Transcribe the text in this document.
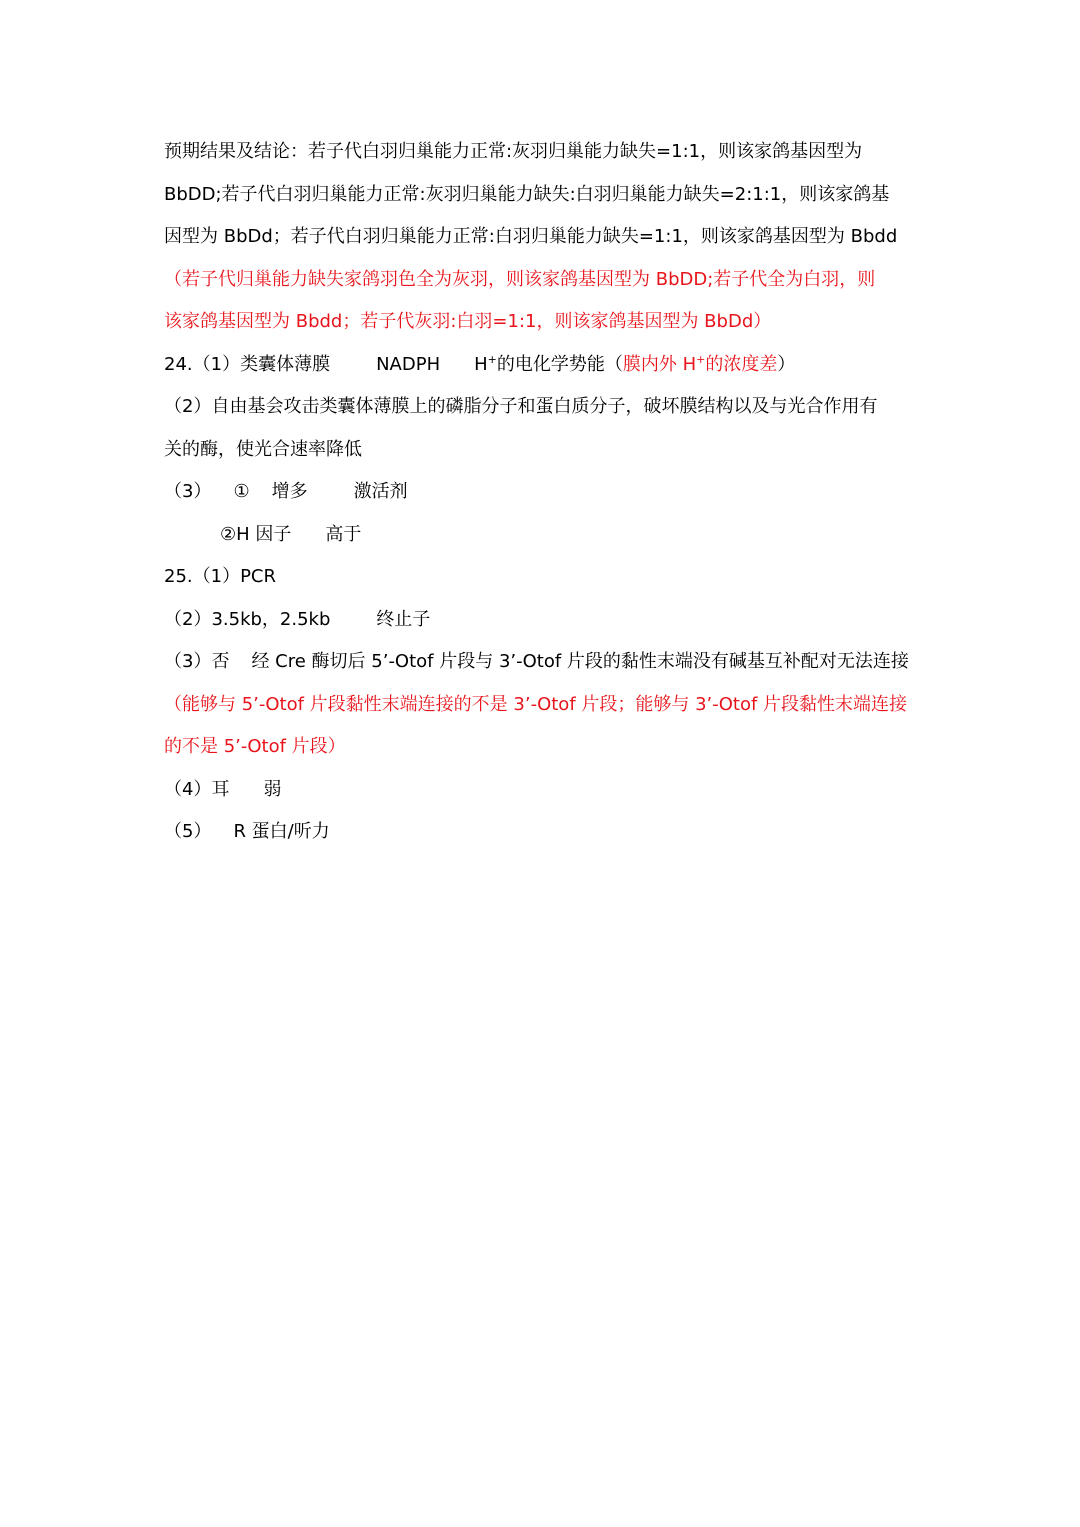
预期结果及结论：若子代白羽归巢能力正常:灰羽归巢能力缺失=1:1，则该家鸽基因型为
BbDD;若子代白羽归巢能力正常:灰羽归巢能力缺失:白羽归巢能力缺失=2:1:1，则该家鸽基
因型为 BbDd；若子代白羽归巢能力正常:白羽归巢能力缺失=1:1，则该家鸽基因型为 Bbdd
（若子代归巢能力缺失家鸽羽色全为灰羽，则该家鸽基因型为 BbDD;若子代全为白羽，则
该家鸽基因型为 Bbdd；若子代灰羽:白羽=1:1，则该家鸽基因型为 BbDd）
24.（1）类囊体薄膜	NADPH H+的电化学势能（膜内外 H+的浓度差）
（2）自由基会攻击类囊体薄膜上的磷脂分子和蛋白质分子，破坏膜结构以及与光合作用有
关的酶，使光合速率降低
（3） ① 增多	激活剂
②H 因子 高于
25.（1）PCR
（2）3.5kb，2.5kb	终止子
（3）否 经 Cre 酶切后 5’-Otof 片段与 3’-Otof 片段的黏性末端没有碱基互补配对无法连接
（能够与 5’-Otof 片段黏性末端连接的不是 3’-Otof 片段；能够与 3’-Otof 片段黏性末端连接
的不是 5’-Otof 片段）
（4）耳 弱
（5） R 蛋白/听力
